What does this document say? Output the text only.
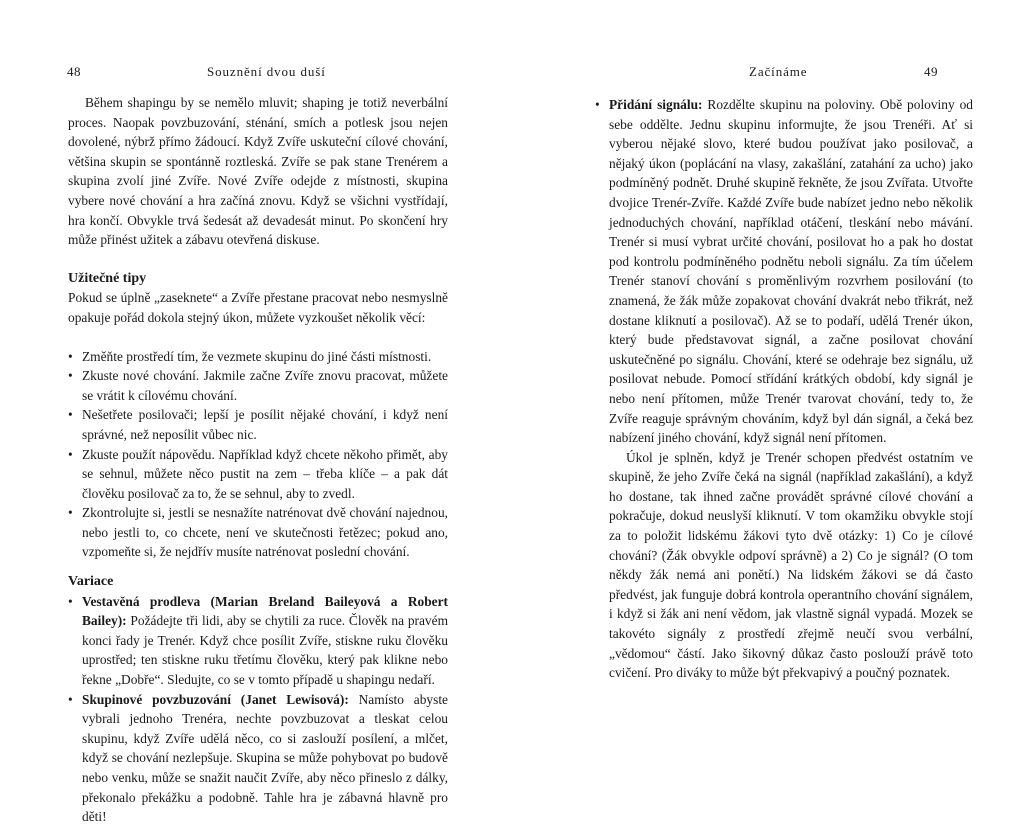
48	Souznění dvou duší

Během shapingu by se nemělo mluvit; shaping je totiž neverbální proces. Naopak povzbuzování, sténání, smích a potlesk jsou nejen dovolené, nýbrž přímo žádoucí. Když Zvíře uskuteční cílové chování, většina skupin se spontánně roztleská. Zvíře se pak stane Trenérem a skupina zvolí jiné Zvíře. Nové Zvíře odejde z místnosti, skupina vybere nové chování a hra začíná znovu. Když se všichni vystřídají, hra končí. Obvykle trvá šedesát až devadesát minut. Po skončení hry může přinést užitek a zábavu otevřená diskuse.

Užitečné tipy

Pokud se úplně „zaseknete“ a Zvíře přestane pracovat nebo nesmyslně opakuje pořád dokola stejný úkon, můžete vyzkoušet několik věcí:

• Změňte prostředí tím, že vezmete skupinu do jiné části místnosti.
• Zkuste nové chování. Jakmile začne Zvíře znovu pracovat, můžete se vrátit k cílovému chování.
• Nešetřete posilovači; lepší je posílit nějaké chování, i když není správné, než neposílit vůbec nic.
• Zkuste použít nápovědu. Například když chcete někoho přimět, aby se sehnul, můžete něco pustit na zem – třeba klíče – a pak dát člověku posilovač za to, že se sehnul, aby to zvedl.
• Zkontrolujte si, jestli se nesnažíte natrénovat dvě chování najednou, nebo jestli to, co chcete, není ve skutečnosti řetězec; pokud ano, vzpomeňte si, že nejdřív musíte natrénovat poslední chování.
Variace
• Vestavěná prodleva (Marian Breland Baileyová a Robert Bailey): Požádejte tři lidi, aby se chytili za ruce. Člověk na pravém konci řady je Trenér. Když chce posílit Zvíře, stiskne ruku člověku uprostřed; ten stiskne ruku třetímu člověku, který pak klikne nebo řekne „Dobře“. Sledujte, co se v tomto případě u shapingu nedaří.
• Skupinové povzbuzování (Janet Lewisová): Namísto abyste vybrali jednoho Trenéra, nechte povzbuzovat a tleskat celou skupinu, když Zvíře udělá něco, co si zaslouží posílení, a mlčet, když se chování nezlepšuje. Skupina se může pohybovat po budově nebo venku, může se snažit naučit Zvíře, aby něco přineslo z dálky, překonalo překážku a podobně. Tahle hra je zábavná hlavně pro děti!
Začínáme	49
• Přidání signálu: Rozdělte skupinu na poloviny. Obě poloviny od sebe oddělte. Jednu skupinu informujte, že jsou Trenéři. Ať si vyberou nějaké slovo, které budou používat jako posilovač, a nějaký úkon (poplácání na vlasy, zakašlání, zatahání za ucho) jako podmíněný podnět. Druhé skupině řekněte, že jsou Zvířata. Utvořte dvojice Trenér-Zvíře. Každé Zvíře bude nabízet jedno nebo několik jednoduchých chování, například otáčení, tleskání nebo mávání. Trenér si musí vybrat určité chování, posilovat ho a pak ho dostat pod kontrolu podmíněného podnětu neboli signálu. Za tím účelem Trenér stanoví chování s proměnlivým rozvrhem posilování (to znamená, že žák může zopakovat chování dvakrát nebo třikrát, než dostane kliknutí a posilovač). Až se to podaří, udělá Trenér úkon, který bude představovat signál, a začne posilovat chování uskutečněné po signálu. Chování, které se odehraje bez signálu, už posilovat nebude. Pomocí střídání krátkých období, kdy signál je nebo není přítomen, může Trenér tvarovat chování, tedy to, že Zvíře reaguje správným chováním, když byl dán signál, a čeká bez nabízení jiného chování, když signál není přítomen.

Úkol je splněn, když je Trenér schopen předvést ostatním ve skupině, že jeho Zvíře čeká na signál (například zakašlání), a když ho dostane, tak ihned začne provádět správné cílové chování a pokračuje, dokud neuslyší kliknutí. V tom okamžiku obvykle stojí za to položit lidskému žákovi tyto dvě otázky: 1) Co je cílové chování? (Žák obvykle odpoví správně) a 2) Co je signál? (O tom někdy žák nemá ani ponětí.) Na lidském žákovi se dá často předvést, jak funguje dobrá kontrola operantního chování signálem, i když si žák ani není vědom, jak vlastně signál vypadá. Mozek se takovéto signály z prostředí zřejmě neučí svou verbální, „vědomou“ částí. Jako šikovný důkaz často poslouží právě toto cvičení. Pro diváky to může být překvapivý a poučný poznatek.
